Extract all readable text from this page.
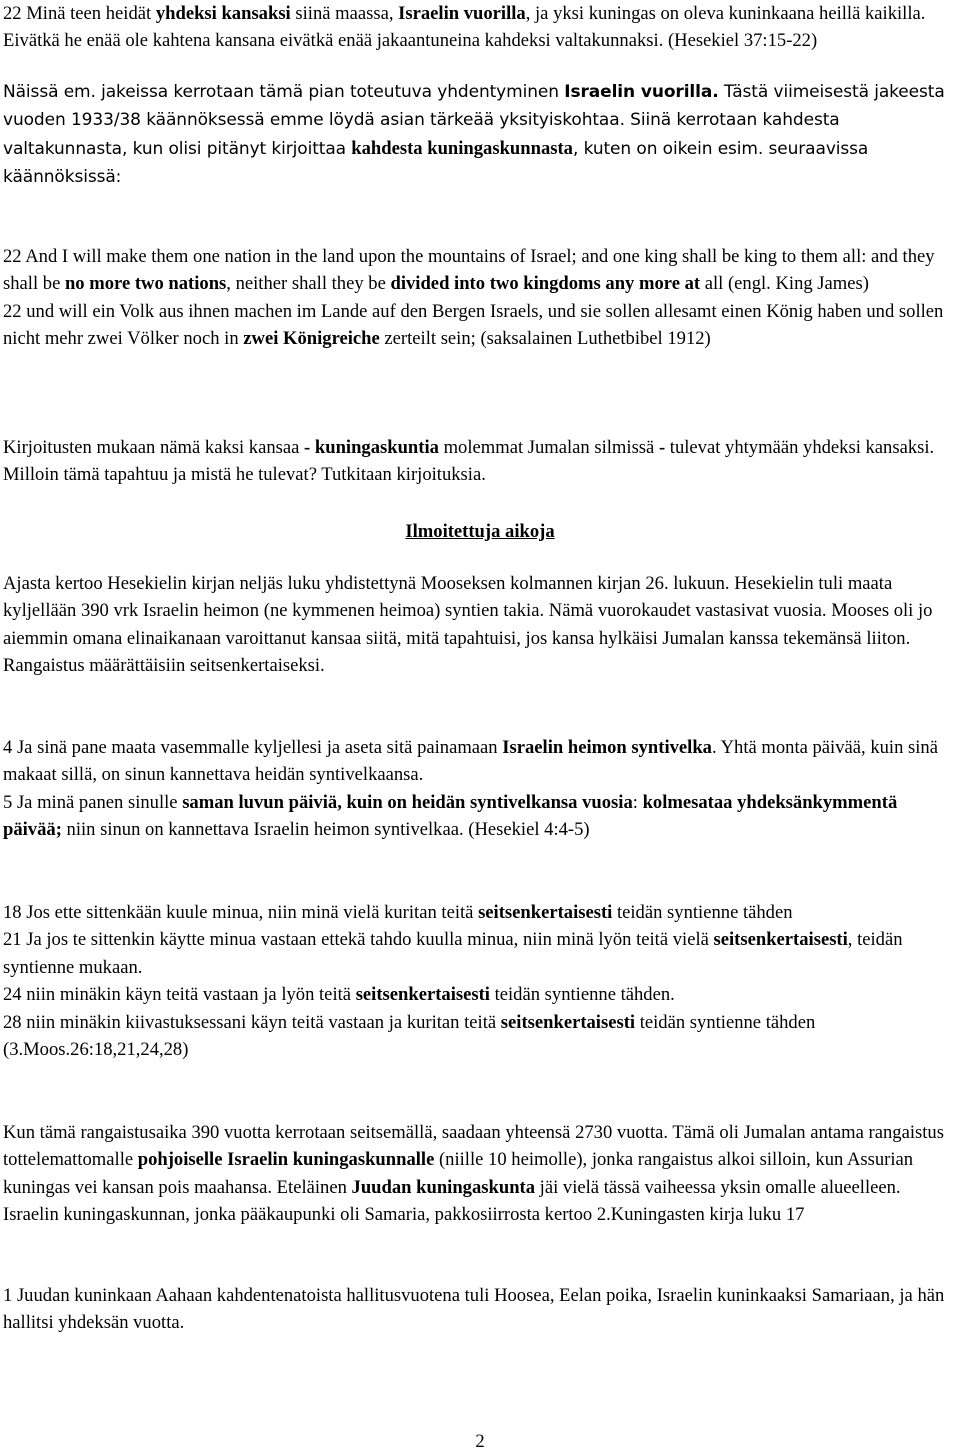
22 Minä teen heidät yhdeksi kansaksi siinä maassa, Israelin vuorilla, ja yksi kuningas on oleva kuninkaana heillä kaikilla. Eivätkä he enää ole kahtena kansana eivätkä enää jakaantuneina kahdeksi valtakunnaksi. (Hesekiel 37:15-22)

Näissä em. jakeissa kerrotaan tämä pian toteutuva yhdentyminen Israelin vuorilla. Tästä viimeisestä jakeesta vuoden 1933/38 käännöksessä emme löydä asian tärkeää yksityiskohtaa. Siinä kerrotaan kahdesta valtakunnasta, kun olisi pitänyt kirjoittaa kahdesta kuningaskunnasta, kuten on oikein esim. seuraavissa käännöksissä:

22 And I will make them one nation in the land upon the mountains of Israel; and one king shall be king to them all: and they shall be no more two nations, neither shall they be divided into two kingdoms any more at all (engl. King James)
22 und will ein Volk aus ihnen machen im Lande auf den Bergen Israels, und sie sollen allesamt einen König haben und sollen nicht mehr zwei Völker noch in zwei Königreiche zerteilt sein; (saksalainen Luthetbibel 1912)

Kirjoitusten mukaan nämä kaksi kansaa - kuningaskuntia molemmat Jumalan silmissä - tulevat yhtymään yhdeksi kansaksi. Milloin tämä tapahtuu ja mistä he tulevat? Tutkitaan kirjoituksia.

Ilmoitettuja aikoja

Ajasta kertoo Hesekielin kirjan neljäs luku yhdistettynä Mooseksen kolmannen kirjan 26. lukuun. Hesekielin tuli maata kyljellään 390 vrk Israelin heimon (ne kymmenen heimoa) syntien takia. Nämä vuorokaudet vastasivat vuosia. Mooses oli jo aiemmin omana elinaikanaan varoittanut kansaa siitä, mitä tapahtuisi, jos kansa hylkäisi Jumalan kanssa tekemänsä liiton. Rangaistus määrättäisiin seitsenkertaiseksi.

4 Ja sinä pane maata vasemmalle kyljellesi ja aseta sitä painamaan Israelin heimon syntivelka. Yhtä monta päivää, kuin sinä makaat sillä, on sinun kannettava heidän syntivelkaansa.
5 Ja minä panen sinulle saman luvun päiviä, kuin on heidän syntivelkansa vuosia: kolmesataa yhdeksänkymmentä päivää; niin sinun on kannettava Israelin heimon syntivelkaa. (Hesekiel 4:4-5)

18 Jos ette sittenkään kuule minua, niin minä vielä kuritan teitä seitsenkertaisesti teidän syntienne tähden
21 Ja jos te sittenkin käytte minua vastaan ettekä tahdo kuulla minua, niin minä lyön teitä vielä seitsenkertaisesti, teidän syntienne mukaan.
24 niin minäkin käyn teitä vastaan ja lyön teitä seitsenkertaisesti teidän syntienne tähden.
28 niin minäkin kiivastuksessani käyn teitä vastaan ja kuritan teitä seitsenkertaisesti teidän syntienne tähden (3.Moos.26:18,21,24,28)

Kun tämä rangaistusaika 390 vuotta kerrotaan seitsemällä, saadaan yhteensä 2730 vuotta. Tämä oli Jumalan antama rangaistus tottelemattomalle pohjoiselle Israelin kuningaskunnalle (niille 10 heimolle), jonka rangaistus alkoi silloin, kun Assurian kuningas vei kansan pois maahansa. Eteläinen Juudan kuningaskunta jäi vielä tässä vaiheessa yksin omalle alueelleen. Israelin kuningaskunnan, jonka pääkaupunki oli Samaria, pakkosiirrosta kertoo 2.Kuningasten kirja luku 17

1 Juudan kuninkaan Aahaan kahdentenatoista hallitusvuotena tuli Hoosea, Eelan poika, Israelin kuninkaaksi Samariaan, ja hän hallitsi yhdeksän vuotta.

2
